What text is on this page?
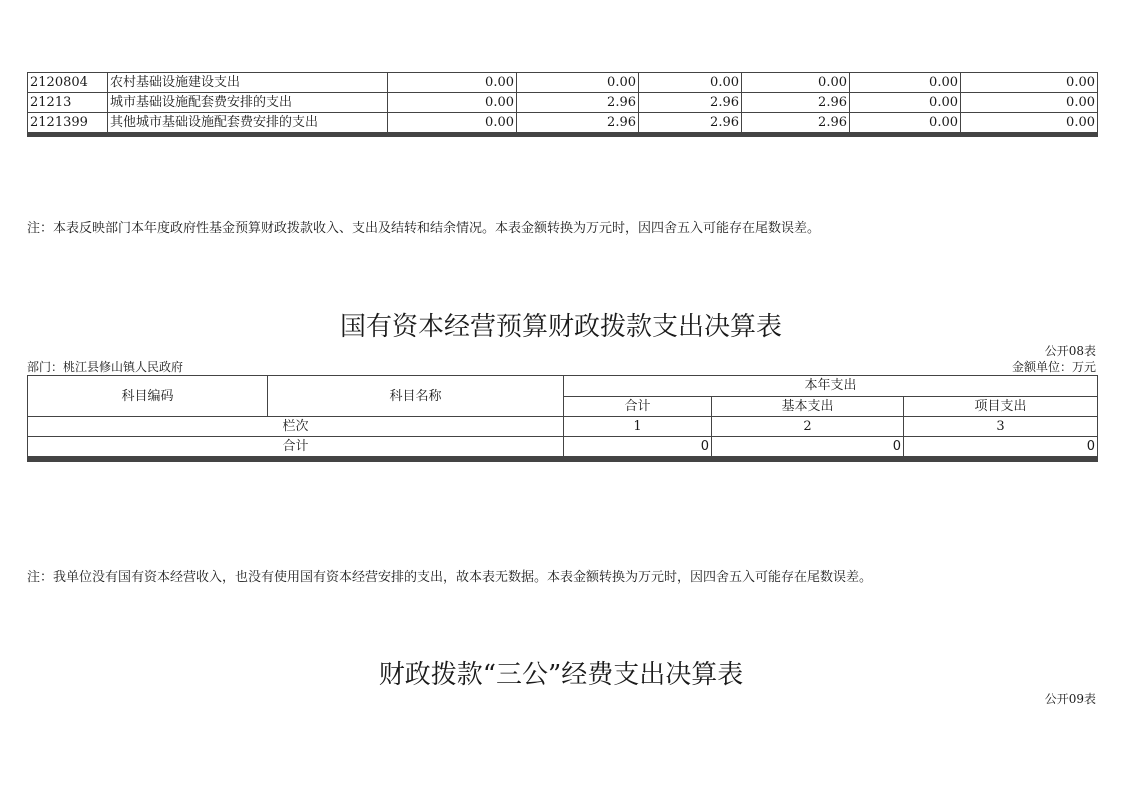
2120804	农村基础设施建设支出	0.00	0.00	0.00	0.00	0.00	0.00
21213	城市基础设施配套费安排的支出	0.00	2.96	2.96	2.96	0.00	0.00
2121399	其他城市基础设施配套费安排的支出	0.00	2.96	2.96	2.96	0.00	0.00

注：本表反映部门本年度政府性基金预算财政拨款收入、支出及结转和结余情况。本表金额转换为万元时，因四舍五入可能存在尾数误差。
国有资本经营预算财政拨款支出决算表
公开08表
部门：桃江县修山镇人民政府	金额单位：万元
科目编码	科目名称	本年支出		
		合计	基本支出	项目支出
栏次		1	2	3
合计		0	0	0

注：我单位没有国有资本经营收入，也没有使用国有资本经营安排的支出，故本表无数据。本表金额转换为万元时，因四舍五入可能存在尾数误差。
财政拨款“三公”经费支出决算表
公开09表
